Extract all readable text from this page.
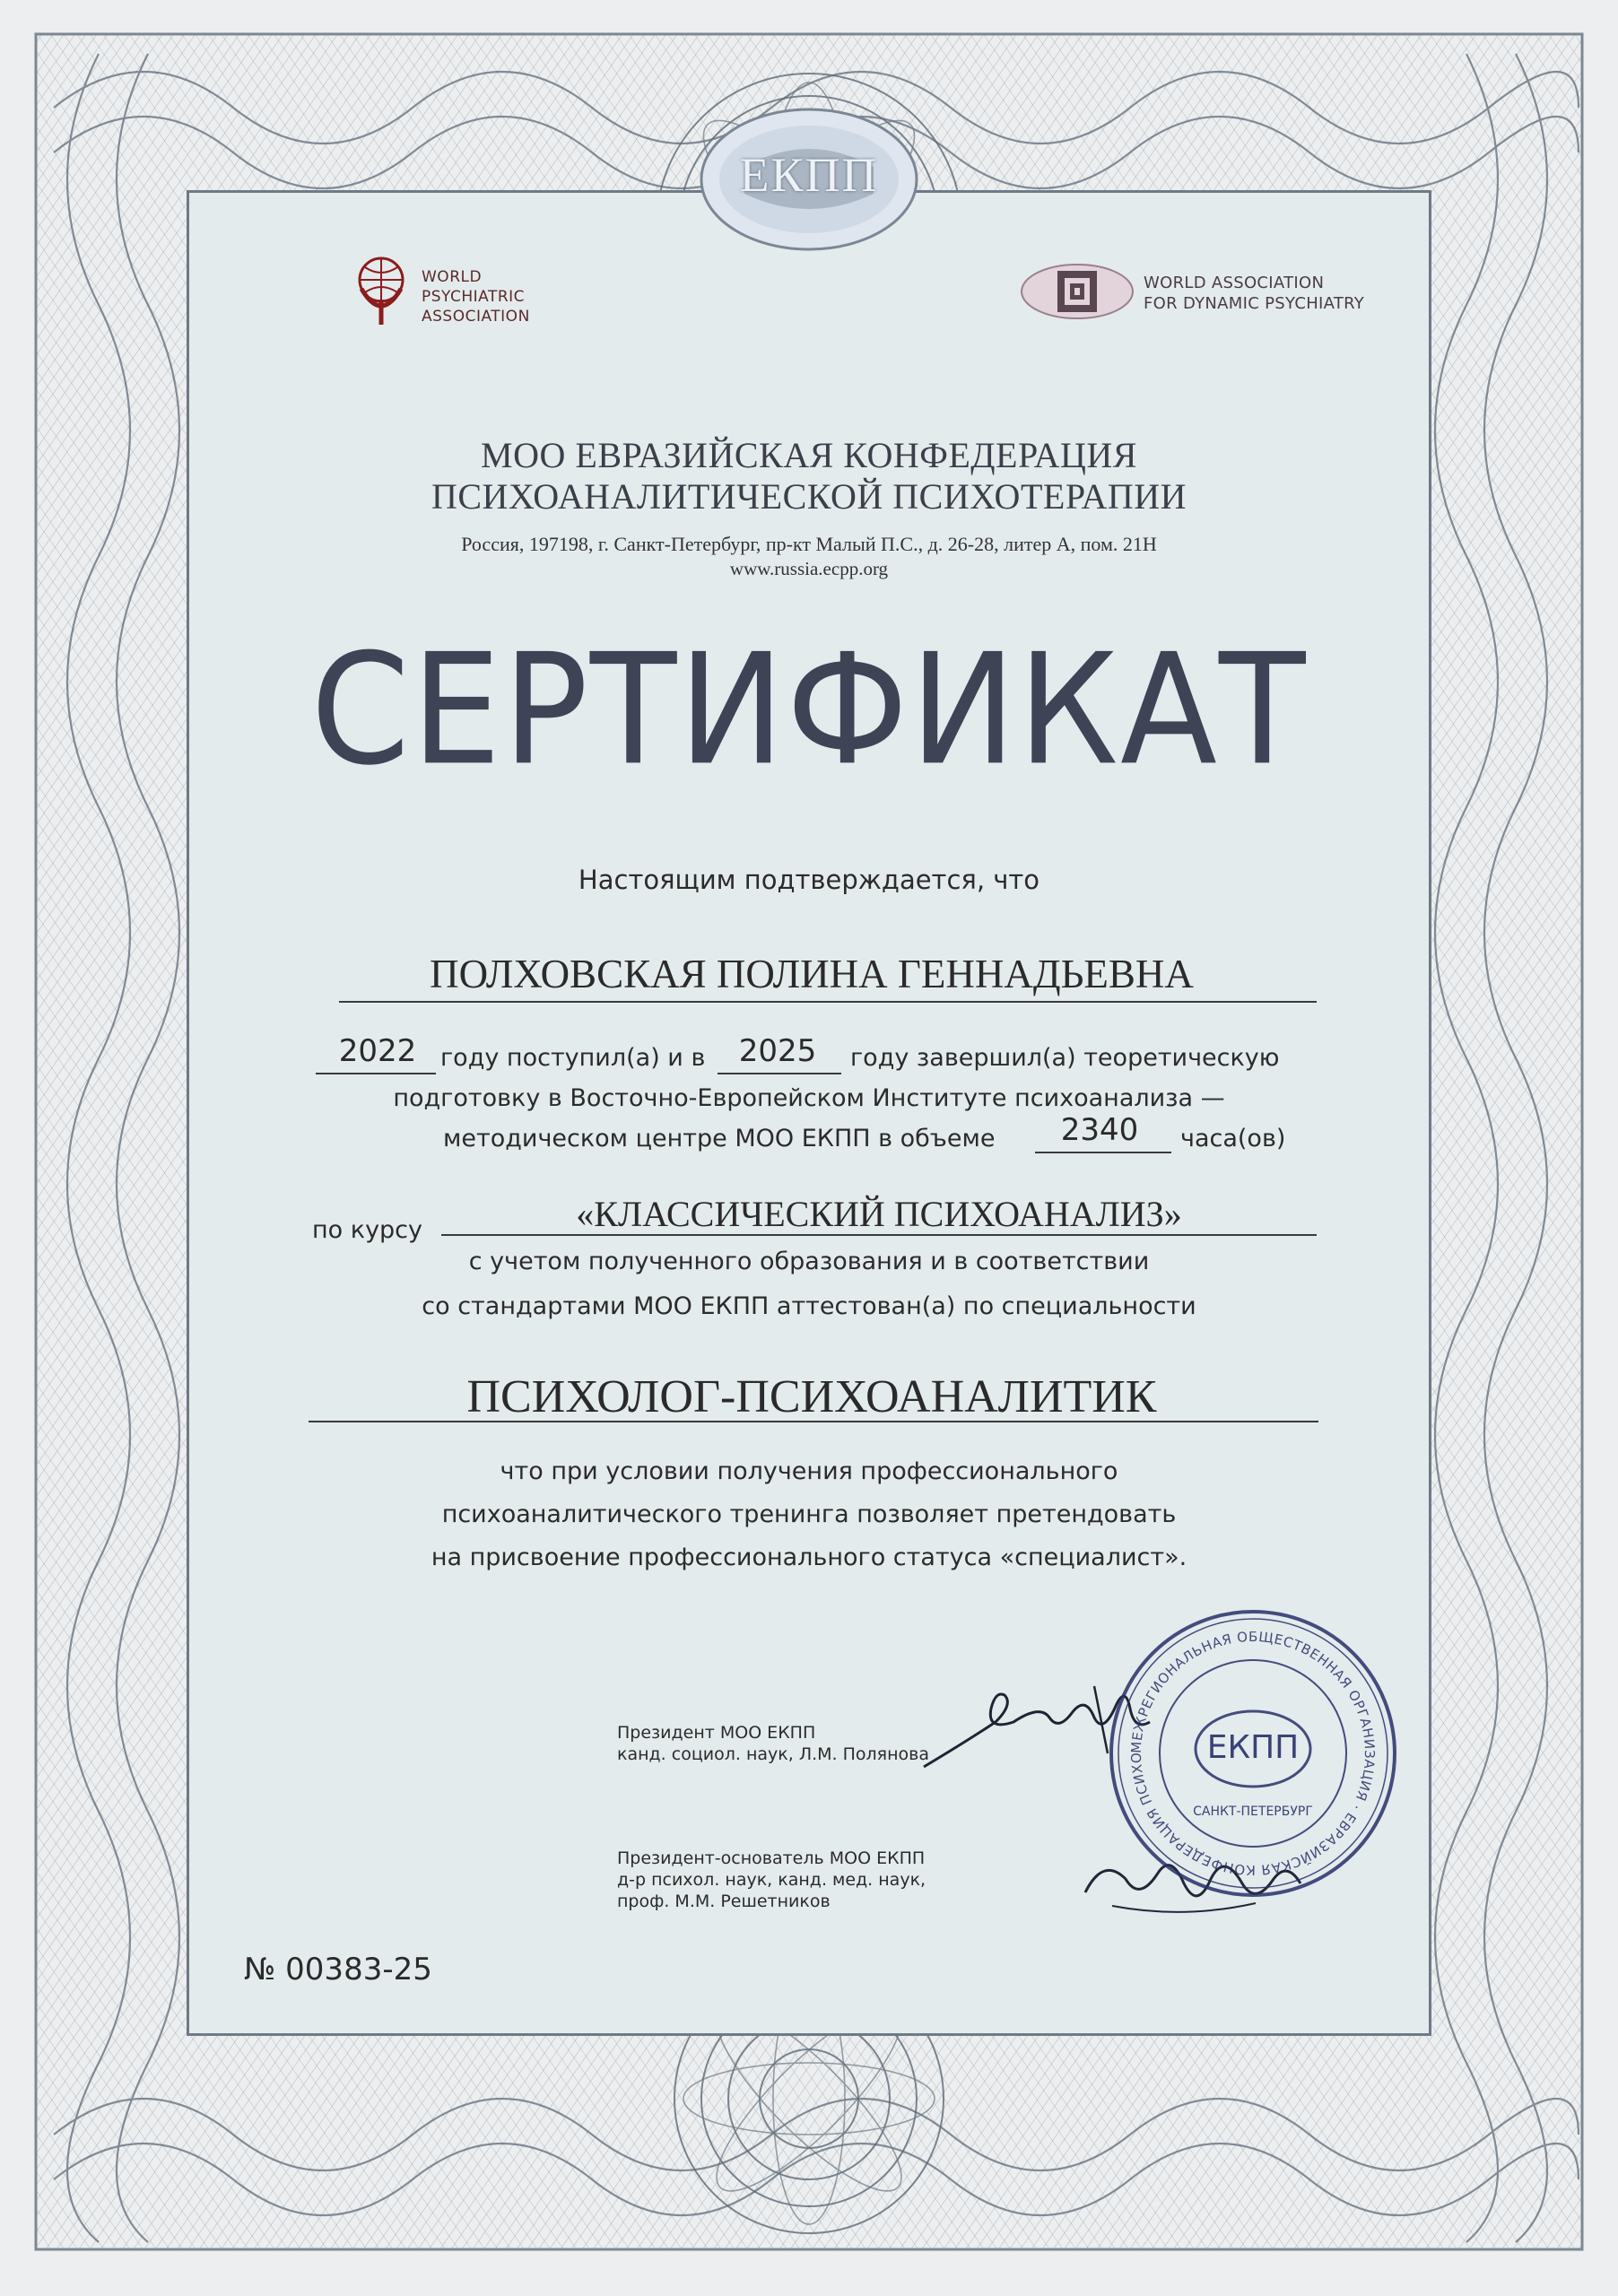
ЕКПП
WORLD
PSYCHIATRIC
ASSOCIATION
WORLD ASSOCIATION
FOR DYNAMIC PSYCHIATRY
МОО ЕВРАЗИЙСКАЯ КОНФЕДЕРАЦИЯ
ПСИХОАНАЛИТИЧЕСКОЙ ПСИХОТЕРАПИИ
Россия, 197198, г. Санкт-Петербург, пр-кт Малый П.С., д. 26-28, литер А, пом. 21Н
www.russia.ecpp.org
СЕРТИФИКАТ
Настоящим подтверждается, что
ПОЛХОВСКАЯ ПОЛИНА ГЕННАДЬЕВНА
2022 году поступил(а) и в	2025	году завершил(а) теоретическую
подготовку в Восточно-Европейском Институте психоанализа —
методическом центре МОО ЕКПП в объеме	2340	часа(ов)
по курсу	«КЛАССИЧЕСКИЙ ПСИХОАНАЛИЗ»
с учетом полученного образования и в соответствии
со стандартами МОО ЕКПП аттестован(а) по специальности
ПСИХОЛОГ-ПСИХОАНАЛИТИК
что при условии получения профессионального
психоаналитического тренинга позволяет претендовать
на присвоение профессионального статуса «специалист».
Президент МОО ЕКПП
канд. социол. наук, Л.М. Полянова
Президент-основатель МОО ЕКПП
д-р психол. наук, канд. мед. наук,
проф. М.М. Решетников
МЕЖРЕГИОНАЛЬНАЯ ОБЩЕСТВЕННАЯ ОРГАНИЗАЦИЯ · ЕВРАЗИЙСКАЯ КОНФЕДЕРАЦИЯ ПСИХО	ЕКПП
САНКТ-ПЕТЕРБУРГ
№ 00383-25
